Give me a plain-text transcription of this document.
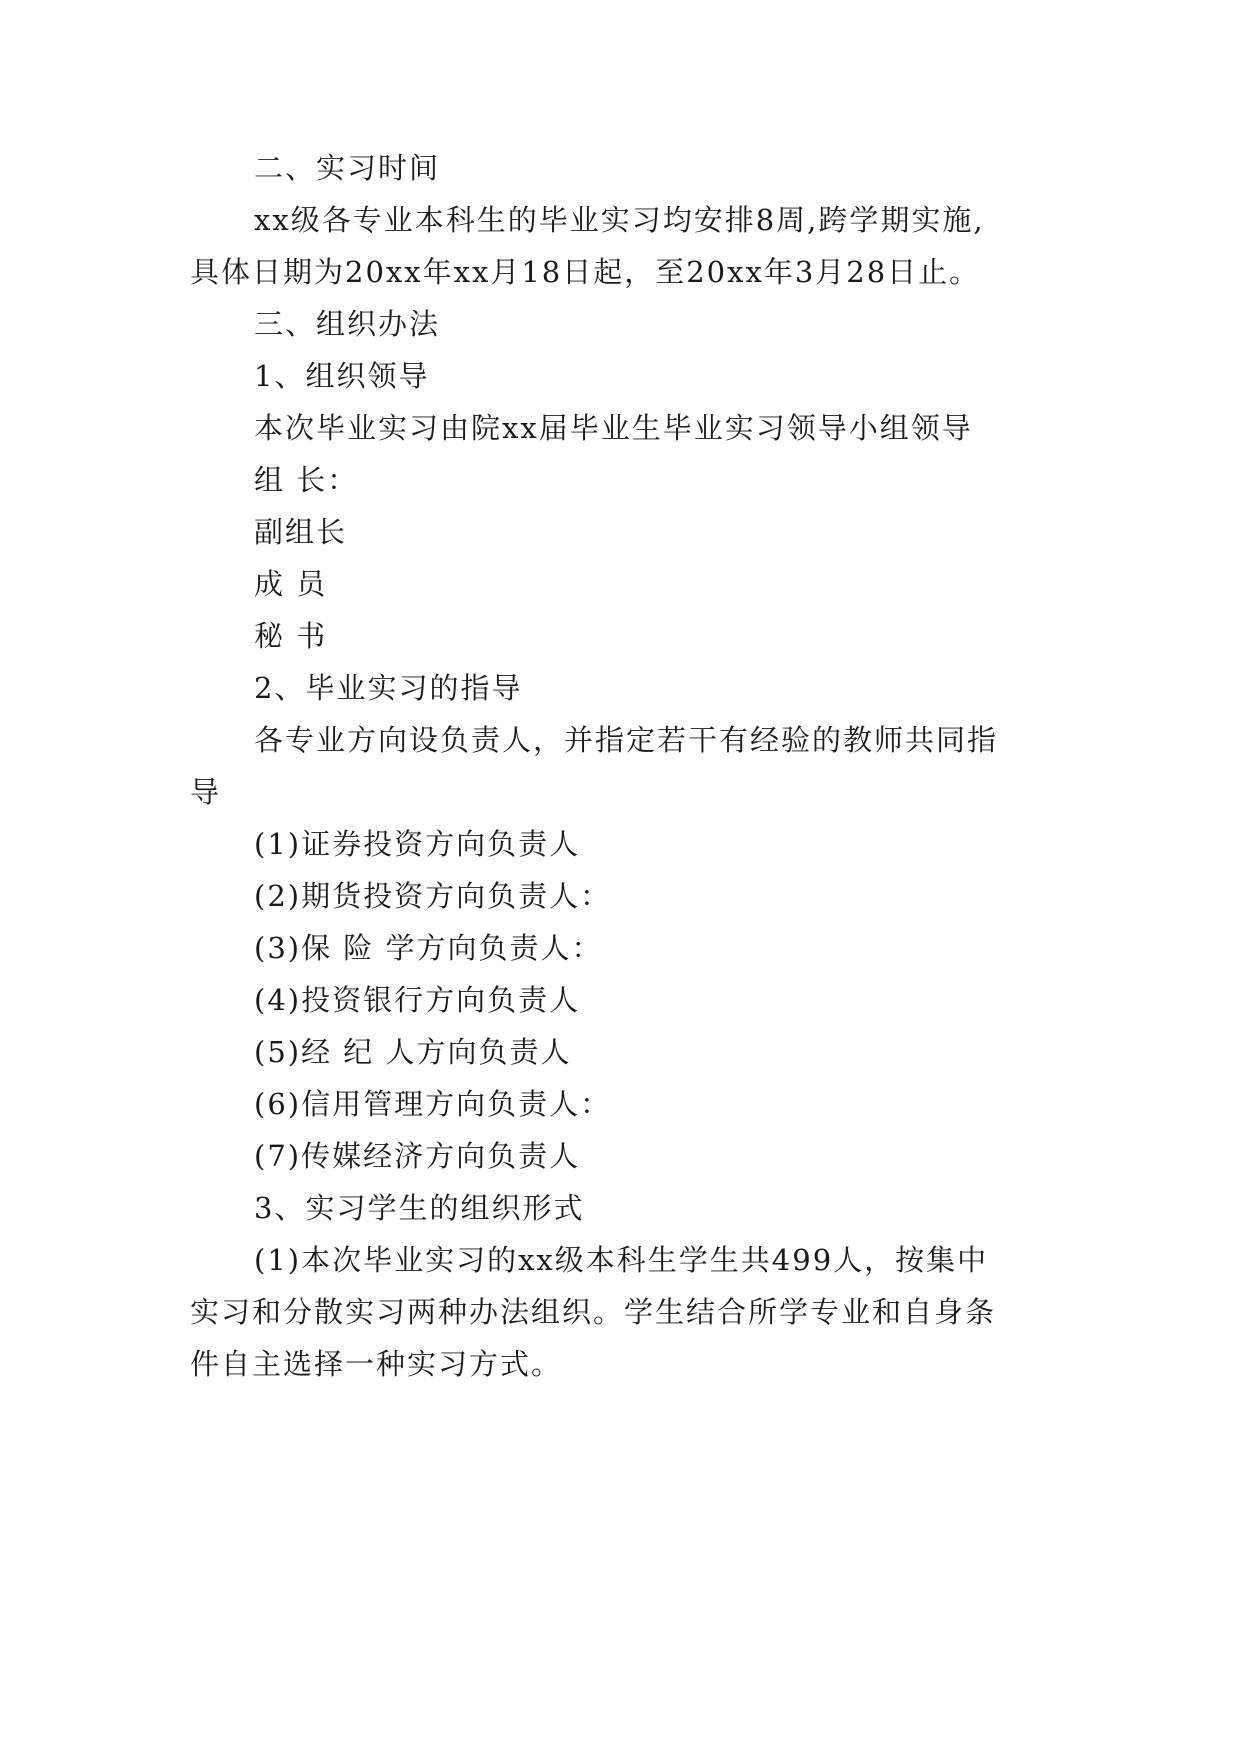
二、实习时间
xx级各专业本科生的毕业实习均安排8周,跨学期实施,
具体日期为20xx年xx月18日起，至20xx年3月28日止。
三、组织办法
1、组织领导
本次毕业实习由院xx届毕业生毕业实习领导小组领导
组 长：
副组长
成 员
秘 书
2、毕业实习的指导
各专业方向设负责人，并指定若干有经验的教师共同指
导
(1)证券投资方向负责人
(2)期货投资方向负责人：
(3)保 险 学方向负责人：
(4)投资银行方向负责人
(5)经 纪 人方向负责人
(6)信用管理方向负责人：
(7)传媒经济方向负责人
3、实习学生的组织形式
(1)本次毕业实习的xx级本科生学生共499人，按集中
实习和分散实习两种办法组织。学生结合所学专业和自身条
件自主选择一种实习方式。
